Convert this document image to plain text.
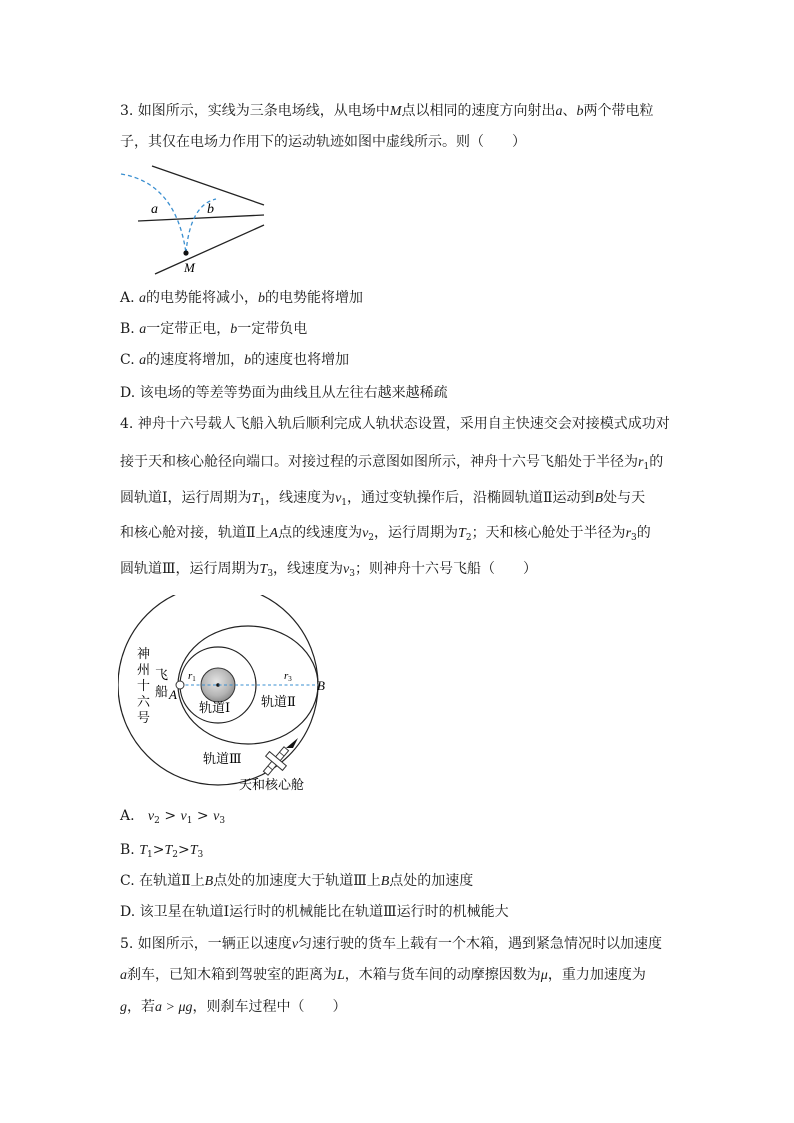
3. 如图所示，实线为三条电场线，从电场中M点以相同的速度方向射出a、b两个带电粒
子，其仅在电场力作用下的运动轨迹如图中虚线所示。则（　　）
a	b
M
A. a的电势能将减小，b的电势能将增加
B. a一定带正电，b一定带负电
C. a的速度将增加，b的速度也将增加
D. 该电场的等差等势面为曲线且从左往右越来越稀疏
4. 神舟十六号载人飞船入轨后顺利完成人轨状态设置，采用自主快速交会对接模式成功对
接于天和核心舱径向端口。对接过程的示意图如图所示，神舟十六号飞船处于半径为$r_1$的
圆轨道Ⅰ，运行周期为$T_1$，线速度为$v_1$，通过变轨操作后，沿椭圆轨道Ⅱ运动到B处与天
和核心舱对接，轨道Ⅱ上A点的线速度为$v_2$，运行周期为$T_2$；天和核心舱处于半径为$r_3$的
圆轨道Ⅲ，运行周期为$T_3$，线速度为$v_3$；则神舟十六号飞船（　　）
神
州
十
六
号
飞
船 A
B
r1	r3
轨道Ⅰ 轨道Ⅱ
轨道Ⅲ
天和核心舱
A. $v_2 > v_1 > v_3$
B. $T_1>T_2>T_3$
C. 在轨道Ⅱ上B点处的加速度大于轨道Ⅲ上B点处的加速度
D. 该卫星在轨道Ⅰ运行时的机械能比在轨道Ⅲ运行时的机械能大
5. 如图所示，一辆正以速度v匀速行驶的货车上载有一个木箱，遇到紧急情况时以加速度
a刹车，已知木箱到驾驶室的距离为L，木箱与货车间的动摩擦因数为μ，重力加速度为
g，若a > μg，则刹车过程中（　　）
